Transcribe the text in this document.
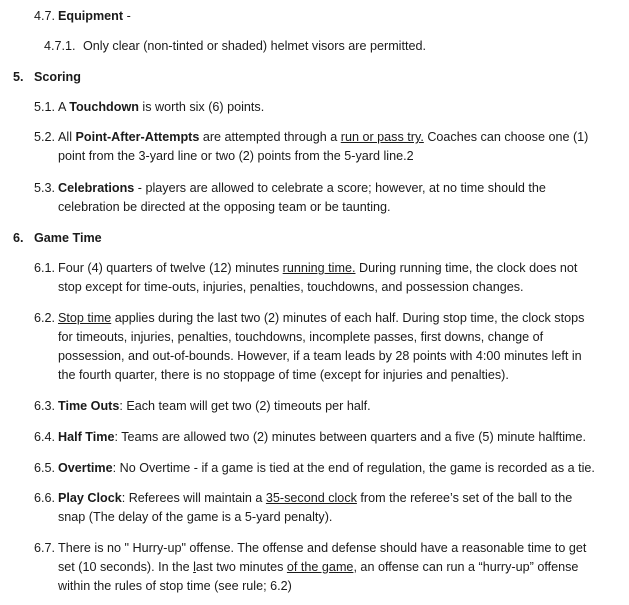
4.7. Equipment -
4.7.1. Only clear (non-tinted or shaded) helmet visors are permitted.
5. Scoring
5.1. A Touchdown is worth six (6) points.
5.2. All Point-After-Attempts are attempted through a run or pass try. Coaches can choose one (1)
point from the 3-yard line or two (2) points from the 5-yard line.2
5.3. Celebrations - players are allowed to celebrate a score; however, at no time should the
celebration be directed at the opposing team or be taunting.
6. Game Time
6.1. Four (4) quarters of twelve (12) minutes running time. During running time, the clock does not
stop except for time-outs, injuries, penalties, touchdowns, and possession changes.
6.2. Stop time applies during the last two (2) minutes of each half. During stop time, the clock stops
for timeouts, injuries, penalties, touchdowns, incomplete passes, first downs, change of
possession, and out-of-bounds. However, if a team leads by 28 points with 4:00 minutes left in
the fourth quarter, there is no stoppage of time (except for injuries and penalties).
6.3. Time Outs: Each team will get two (2) timeouts per half.
6.4. Half Time: Teams are allowed two (2) minutes between quarters and a five (5) minute halftime.
6.5. Overtime: No Overtime - if a game is tied at the end of regulation, the game is recorded as a tie.
6.6. Play Clock: Referees will maintain a 35-second clock from the referee’s set of the ball to the
snap (The delay of the game is a 5-yard penalty).
6.7. There is no " Hurry-up" offense. The offense and defense should have a reasonable time to get
set (10 seconds). In the last two minutes of the game, an offense can run a “hurry-up” offense
within the rules of stop time (see rule; 6.2)
